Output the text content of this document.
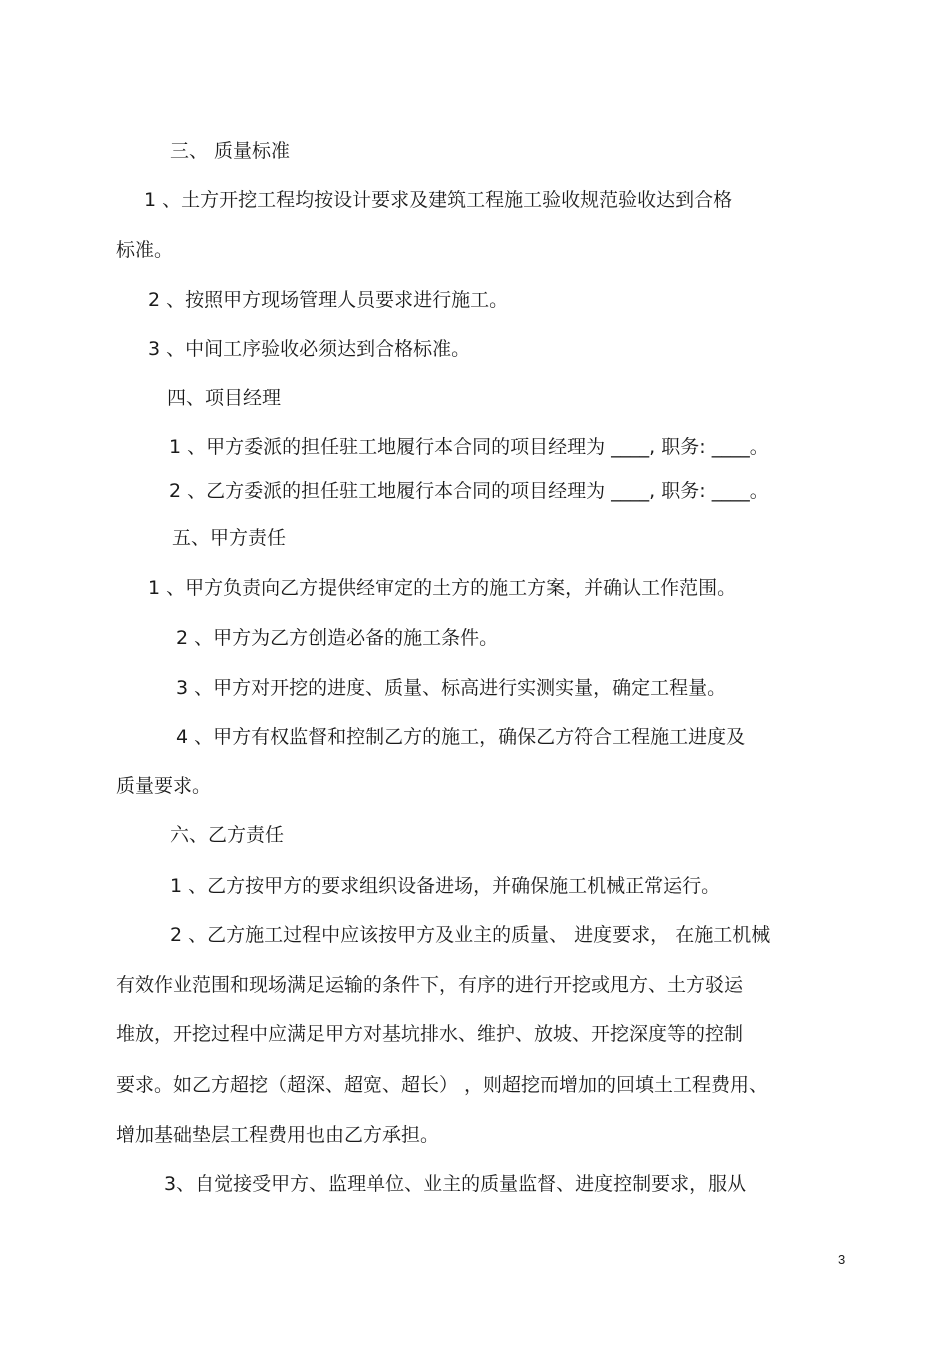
三、 质量标准
1 、土方开挖工程均按设计要求及建筑工程施工验收规范验收达到合格
标准。
2 、按照甲方现场管理人员要求进行施工。
3 、中间工序验收必须达到合格标准。
四、项目经理
1 、甲方委派的担任驻工地履行本合同的项目经理为 ____, 职务: ____。
2 、乙方委派的担任驻工地履行本合同的项目经理为 ____, 职务: ____。
五、甲方责任
1 、甲方负责向乙方提供经审定的土方的施工方案，并确认工作范围。
2 、甲方为乙方创造必备的施工条件。
3 、甲方对开挖的进度、质量、标高进行实测实量，确定工程量。
4 、甲方有权监督和控制乙方的施工，确保乙方符合工程施工进度及
质量要求。
六、乙方责任
1 、乙方按甲方的要求组织设备进场，并确保施工机械正常运行。
2 、乙方施工过程中应该按甲方及业主的质量、 进度要求， 在施工机械
有效作业范围和现场满足运输的条件下，有序的进行开挖或甩方、土方驳运
堆放，开挖过程中应满足甲方对基坑排水、维护、放坡、开挖深度等的控制
要求。如乙方超挖（超深、超宽、超长） ，则超挖而增加的回填土工程费用、
增加基础垫层工程费用也由乙方承担。
3、自觉接受甲方、监理单位、业主的质量监督、进度控制要求，服从
3
